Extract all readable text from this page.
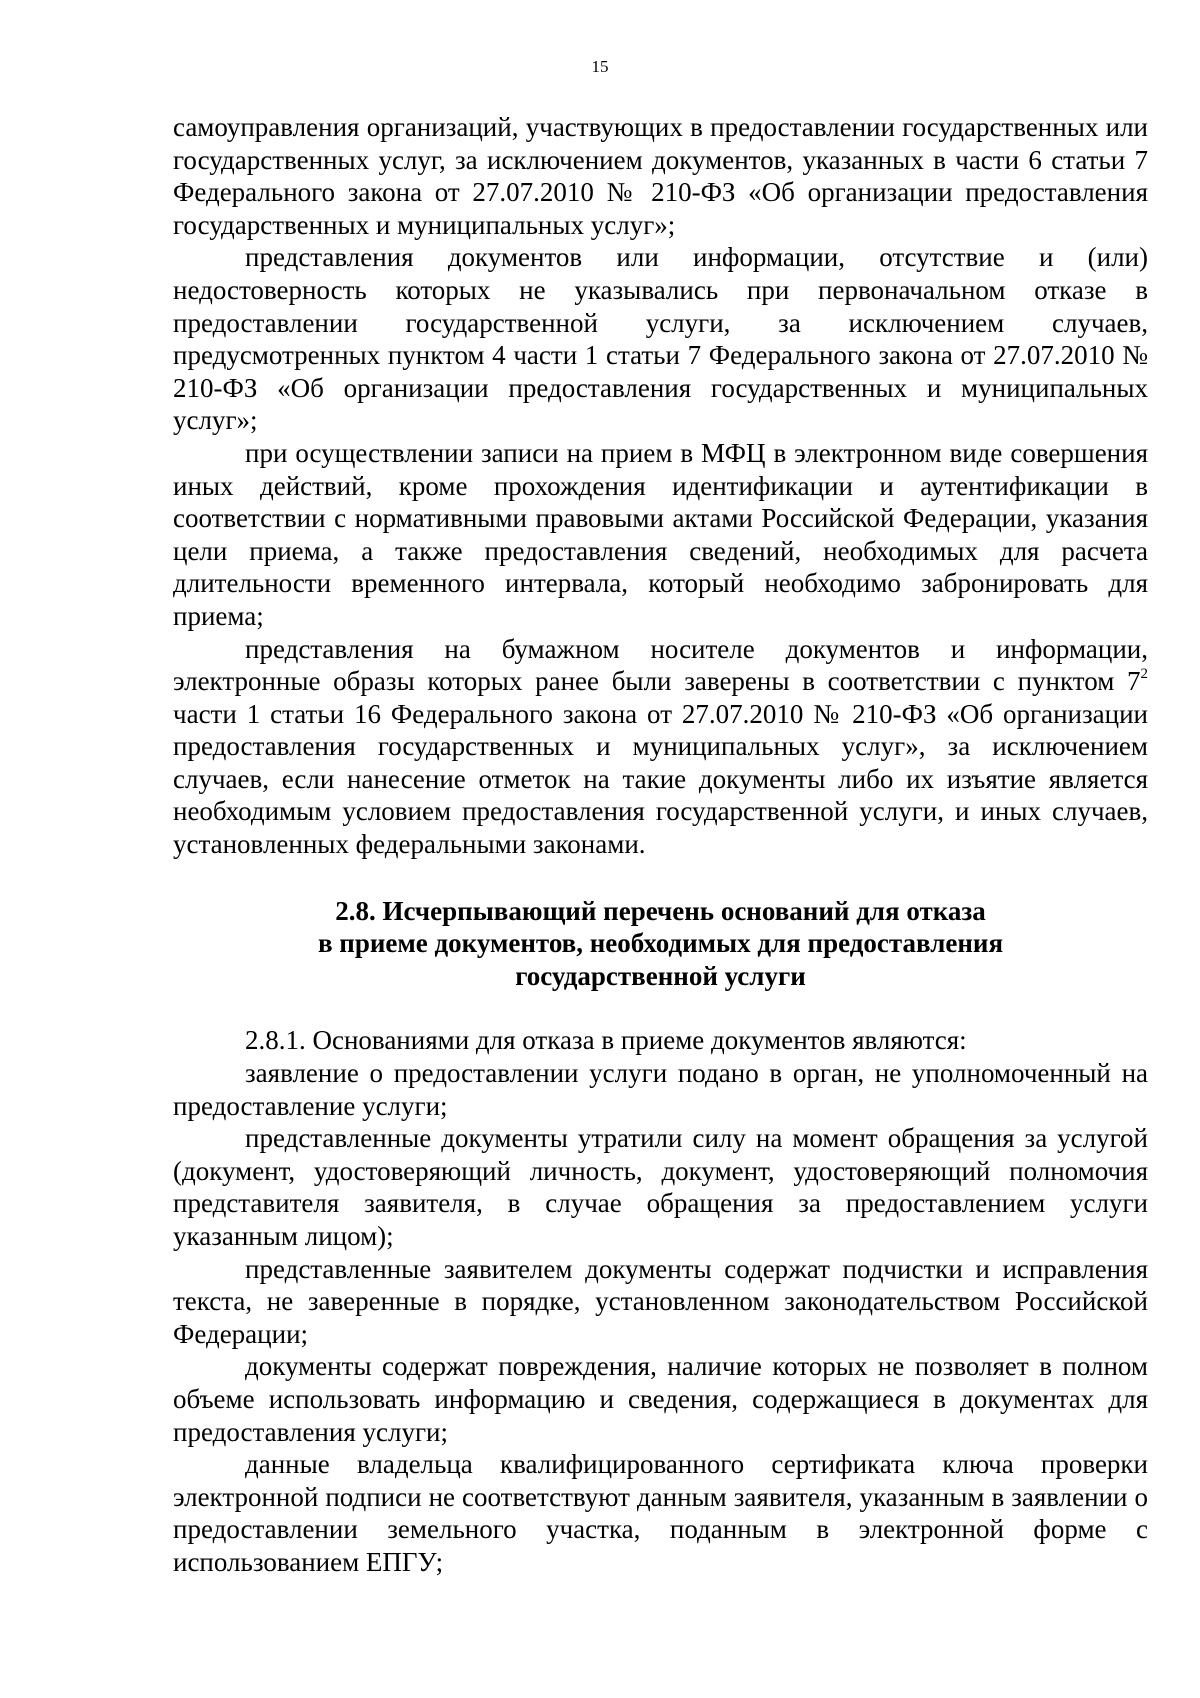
15

самоуправления организаций, участвующих в предоставлении государственных или государственных услуг, за исключением документов, указанных в части 6 статьи 7 Федерального закона от 27.07.2010 № 210-ФЗ «Об организации предоставления государственных и муниципальных услуг»;

представления документов или информации, отсутствие и (или) недостоверность которых не указывались при первоначальном отказе в предоставлении государственной услуги, за исключением случаев, предусмотренных пунктом 4 части 1 статьи 7 Федерального закона от 27.07.2010 № 210-ФЗ «Об организации предоставления государственных и муниципальных услуг»;

при осуществлении записи на прием в МФЦ в электронном виде совершения иных действий, кроме прохождения идентификации и аутентификации в соответствии с нормативными правовыми актами Российской Федерации, указания цели приема, а также предоставления сведений, необходимых для расчета длительности временного интервала, который необходимо забронировать для приема;

представления на бумажном носителе документов и информации, электронные образы которых ранее были заверены в соответствии с пунктом $7^2$ части 1 статьи 16 Федерального закона от 27.07.2010 № 210-ФЗ «Об организации предоставления государственных и муниципальных услуг», за исключением случаев, если нанесение отметок на такие документы либо их изъятие является необходимым условием предоставления государственной услуги, и иных случаев, установленных федеральными законами.

2.8. Исчерпывающий перечень оснований для отказа
в приеме документов, необходимых для предоставления
государственной услуги

2.8.1. Основаниями для отказа в приеме документов являются:

заявление о предоставлении услуги подано в орган, не уполномоченный на предоставление услуги;

представленные документы утратили силу на момент обращения за услугой (документ, удостоверяющий личность, документ, удостоверяющий полномочия представителя заявителя, в случае обращения за предоставлением услуги указанным лицом);

представленные заявителем документы содержат подчистки и исправления текста, не заверенные в порядке, установленном законодательством Российской Федерации;

документы содержат повреждения, наличие которых не позволяет в полном объеме использовать информацию и сведения, содержащиеся в документах для предоставления услуги;

данные владельца квалифицированного сертификата ключа проверки электронной подписи не соответствуют данным заявителя, указанным в заявлении о предоставлении земельного участка, поданным в электронной форме с использованием ЕПГУ;
